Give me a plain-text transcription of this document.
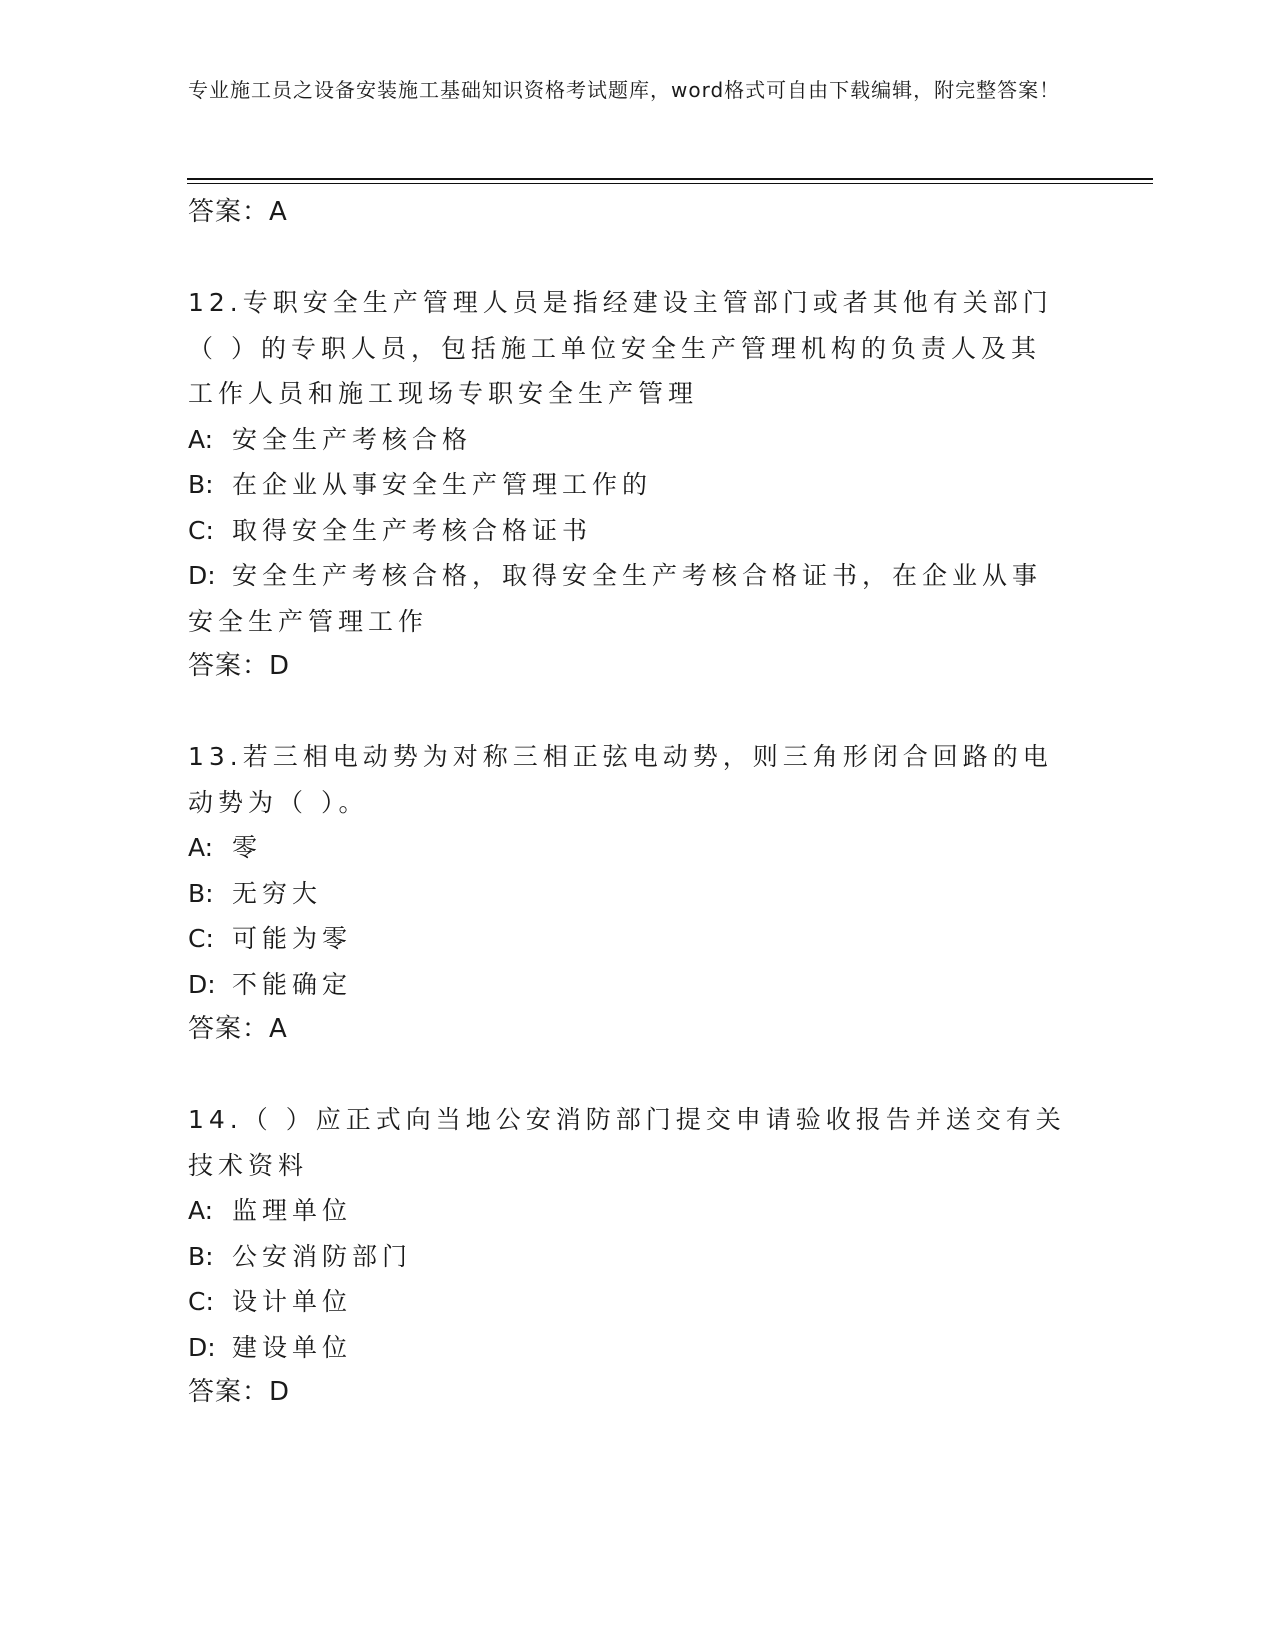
专业施工员之设备安装施工基础知识资格考试题库，word格式可自由下载编辑，附完整答案！
答案：A
12.专职安全生产管理人员是指经建设主管部门或者其他有关部门（ ）的专职人员，包括施工单位安全生产管理机构的负责人及其工作人员和施工现场专职安全生产管理
A: 安全生产考核合格
B: 在企业从事安全生产管理工作的
C: 取得安全生产考核合格证书
D: 安全生产考核合格，取得安全生产考核合格证书，在企业从事安全生产管理工作
答案：D
13.若三相电动势为对称三相正弦电动势，则三角形闭合回路的电动势为（ ）。
A: 零
B: 无穷大
C: 可能为零
D: 不能确定
答案：A
14.（ ）应正式向当地公安消防部门提交申请验收报告并送交有关技术资料
A: 监理单位
B: 公安消防部门
C: 设计单位
D: 建设单位
答案：D
